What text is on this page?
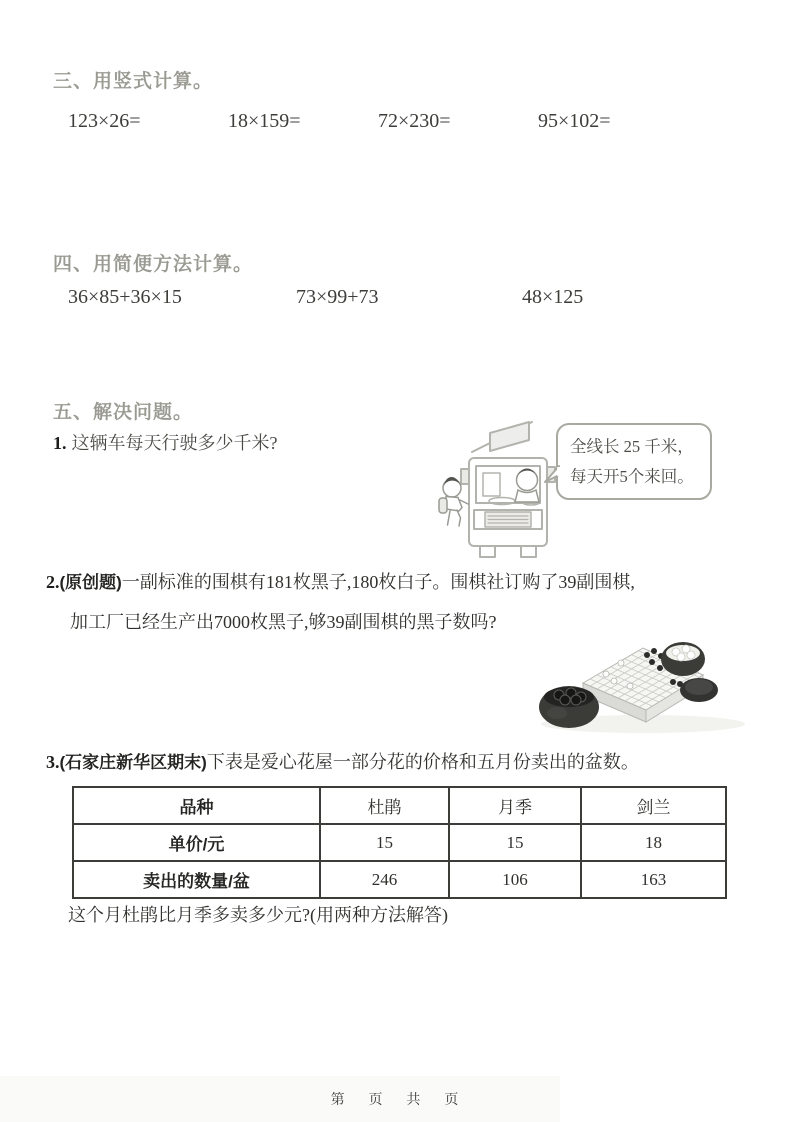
三、用竖式计算。
123×26=	18×159=	72×230=	95×102=
四、用简便方法计算。
36×85+36×15	73×99+73	48×125
五、解决问题。
1. 这辆车每天行驶多少千米?	全线长 25 千米，
每天开5个来回。
2.(原创题)一副标准的围棋有181枚黑子,180枚白子。围棋社订购了39副围棋,
加工厂已经生产出7000枚黑子,够39副围棋的黑子数吗?
3.(石家庄新华区期末)下表是爱心花屋一部分花的价格和五月份卖出的盆数。
品种	杜鹃	月季	剑兰
单价/元	15	15	18
卖出的数量/盆	246	106	163
这个月杜鹃比月季多卖多少元?(用两种方法解答)
第 页 共 页
